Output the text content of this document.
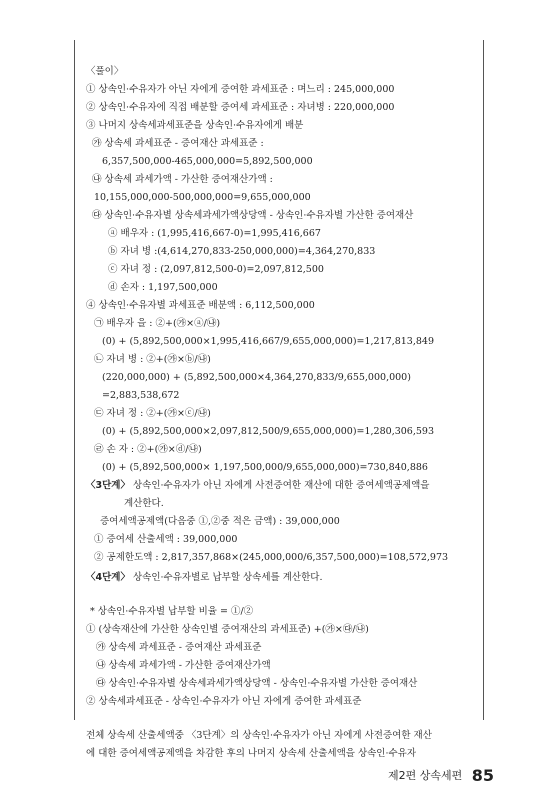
〈풀이〉
① 상속인·수유자가 아닌 자에게 증여한 과세표준 : 며느리 : 245,000,000
② 상속인·수유자에 직접 배분할 증여세 과세표준 : 자녀병 : 220,000,000
③ 나머지 상속세과세표준을 상속인·수유자에게 배분
㉮ 상속세 과세표준 - 증여재산 과세표준 :
6,357,500,000-465,000,000=5,892,500,000
㉯ 상속세 과세가액 - 가산한 증여재산가액 :
10,155,000,000-500,000,000=9,655,000,000
㉰ 상속인·수유자별 상속세과세가액상당액 - 상속인·수유자별 가산한 증여재산
ⓐ 배우자 : (1,995,416,667-0)=1,995,416,667
ⓑ 자녀 병 :(4,614,270,833-250,000,000)=4,364,270,833
ⓒ 자녀 정 : (2,097,812,500-0)=2,097,812,500
ⓓ 손자 : 1,197,500,000
④ 상속인·수유자별 과세표준 배분액 : 6,112,500,000
㉠ 배우자 을 : ②+(㉮×ⓐ/㉯)
(0) + (5,892,500,000×1,995,416,667/9,655,000,000)=1,217,813,849
㉡ 자녀 병 : ②+(㉮×ⓑ/㉯)
(220,000,000) + (5,892,500,000×4,364,270,833/9,655,000,000)
=2,883,538,672
㉢ 자녀 정 : ②+(㉮×ⓒ/㉯)
(0) + (5,892,500,000×2,097,812,500/9,655,000,000)=1,280,306,593
㉣ 손 자 : ②+(㉮×ⓓ/㉯)
(0) + (5,892,500,000× 1,197,500,000/9,655,000,000)=730,840,886
계산한다.
증여세액공제액(다음중 ①,②중 적은 금액) : 39,000,000
① 증여세 산출세액 : 39,000,000
② 공제한도액 : 2,817,357,868×(245,000,000/6,357,500,000)=108,572,973
* 상속인·수유자별 납부할 비율 = ①/②
① (상속재산에 가산한 상속인별 증여재산의 과세표준) +(㉮×㉰/㉯)
㉮ 상속세 과세표준 - 증여재산 과세표준
㉯ 상속세 과세가액 - 가산한 증여재산가액
㉰ 상속인·수유자별 상속세과세가액상당액 - 상속인·수유자별 가산한 증여재산
② 상속세과세표준 - 상속인·수유자가 아닌 자에게 증여한 과세표준
전체 상속세 산출세액중 〈3단계〉의 상속인·수유자가 아닌 자에게 사전증여한 재산
에 대한 증여세액공제액을 차감한 후의 나머지 상속세 산출세액을 상속인·수유자
〈3단계〉 상속인·수유자가 아닌 자에게 사전증여한 재산에 대한 증여세액공제액을
〈4단계〉 상속인·수유자별로 납부할 상속세를 계산한다.
제2편 상속세편 85
